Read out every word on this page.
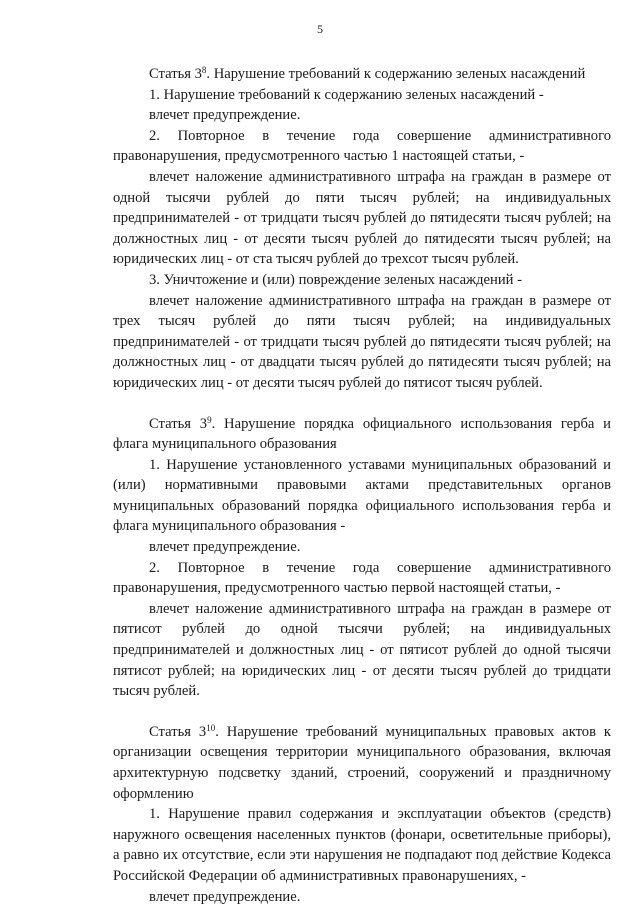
5

Статья $3^8$. Нарушение требований к содержанию зеленых насаждений

1. Нарушение требований к содержанию зеленых насаждений -

влечет предупреждение.

2. Повторное в течение года совершение административного правонарушения, предусмотренного частью 1 настоящей статьи, -

влечет наложение административного штрафа на граждан в размере от одной тысячи рублей до пяти тысяч рублей; на индивидуальных предпринимателей - от тридцати тысяч рублей до пятидесяти тысяч рублей; на должностных лиц - от десяти тысяч рублей до пятидесяти тысяч рублей; на юридических лиц - от ста тысяч рублей до трехсот тысяч рублей.

3. Уничтожение и (или) повреждение зеленых насаждений -

влечет наложение административного штрафа на граждан в размере от трех тысяч рублей до пяти тысяч рублей; на индивидуальных предпринимателей - от тридцати тысяч рублей до пятидесяти тысяч рублей; на должностных лиц - от двадцати тысяч рублей до пятидесяти тысяч рублей; на юридических лиц - от десяти тысяч рублей до пятисот тысяч рублей.

Статья $3^9$. Нарушение порядка официального использования герба и флага муниципального образования

1. Нарушение установленного уставами муниципальных образований и (или) нормативными правовыми актами представительных органов муниципальных образований порядка официального использования герба и флага муниципального образования -

влечет предупреждение.

2. Повторное в течение года совершение административного правонарушения, предусмотренного частью первой настоящей статьи, -

влечет наложение административного штрафа на граждан в размере от пятисот рублей до одной тысячи рублей; на индивидуальных предпринимателей и должностных лиц - от пятисот рублей до одной тысячи пятисот рублей; на юридических лиц - от десяти тысяч рублей до тридцати тысяч рублей.

Статья $3^{10}$. Нарушение требований муниципальных правовых актов к организации освещения территории муниципального образования, включая архитектурную подсветку зданий, строений, сооружений и праздничному оформлению

1. Нарушение правил содержания и эксплуатации объектов (средств) наружного освещения населенных пунктов (фонари, осветительные приборы), а равно их отсутствие, если эти нарушения не подпадают под действие Кодекса Российской Федерации об административных правонарушениях, -

влечет предупреждение.
